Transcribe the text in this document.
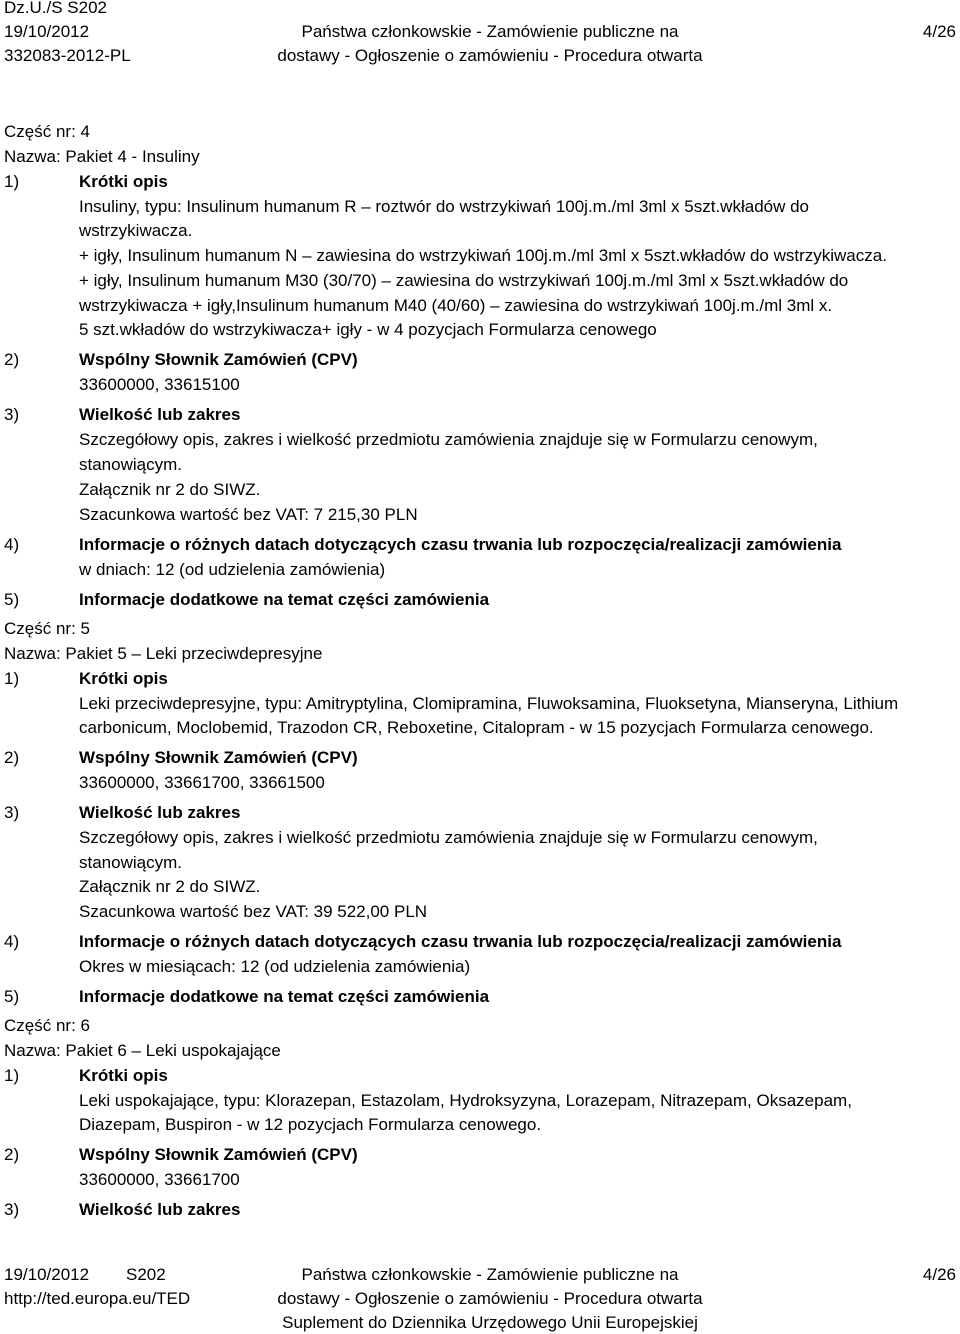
Dz.U./S S202
19/10/2012
332083-2012-PL
Państwa członkowskie - Zamówienie publiczne na
dostawy - Ogłoszenie o zamówieniu - Procedura otwarta
4/26
Część nr: 4
Nazwa: Pakiet 4 - Insuliny
1)	Krótki opis
Insuliny, typu: Insulinum humanum R – roztwór do wstrzykiwań 100j.m./ml 3ml x 5szt.wkładów do
wstrzykiwacza.
+ igły, Insulinum humanum N – zawiesina do wstrzykiwań 100j.m./ml 3ml x 5szt.wkładów do wstrzykiwacza.
+ igły, Insulinum humanum M30 (30/70) – zawiesina do wstrzykiwań 100j.m./ml 3ml x 5szt.wkładów do
wstrzykiwacza + igły,Insulinum humanum M40 (40/60) – zawiesina do wstrzykiwań 100j.m./ml 3ml x.
5 szt.wkładów do wstrzykiwacza+ igły - w 4 pozycjach Formularza cenowego
2)	Wspólny Słownik Zamówień (CPV)
33600000, 33615100
3)	Wielkość lub zakres
Szczegółowy opis, zakres i wielkość przedmiotu zamówienia znajduje się w Formularzu cenowym,
stanowiącym.
Załącznik nr 2 do SIWZ.
Szacunkowa wartość bez VAT: 7 215,30 PLN
4)	Informacje o różnych datach dotyczących czasu trwania lub rozpoczęcia/realizacji zamówienia
w dniach: 12 (od udzielenia zamówienia)
5)	Informacje dodatkowe na temat części zamówienia
Część nr: 5
Nazwa: Pakiet 5 – Leki przeciwdepresyjne
1)	Krótki opis
Leki przeciwdepresyjne, typu: Amitryptylina, Clomipramina, Fluwoksamina, Fluoksetyna, Mianseryna, Lithium
carbonicum, Moclobemid, Trazodon CR, Reboxetine, Citalopram - w 15 pozycjach Formularza cenowego.
2)	Wspólny Słownik Zamówień (CPV)
33600000, 33661700, 33661500
3)	Wielkość lub zakres
Szczegółowy opis, zakres i wielkość przedmiotu zamówienia znajduje się w Formularzu cenowym,
stanowiącym.
Załącznik nr 2 do SIWZ.
Szacunkowa wartość bez VAT: 39 522,00 PLN
4)	Informacje o różnych datach dotyczących czasu trwania lub rozpoczęcia/realizacji zamówienia
Okres w miesiącach: 12 (od udzielenia zamówienia)
5)	Informacje dodatkowe na temat części zamówienia
Część nr: 6
Nazwa: Pakiet 6 – Leki uspokajające
1)	Krótki opis
Leki uspokajające, typu: Klorazepan, Estazolam, Hydroksyzyna, Lorazepam, Nitrazepam, Oksazepam,
Diazepam, Buspiron - w 12 pozycjach Formularza cenowego.
2)	Wspólny Słownik Zamówień (CPV)
33600000, 33661700
3)	Wielkość lub zakres
19/10/2012 S202
http://ted.europa.eu/TED
Państwa członkowskie - Zamówienie publiczne na
dostawy - Ogłoszenie o zamówieniu - Procedura otwarta
Suplement do Dziennika Urzędowego Unii Europejskiej
4/26
